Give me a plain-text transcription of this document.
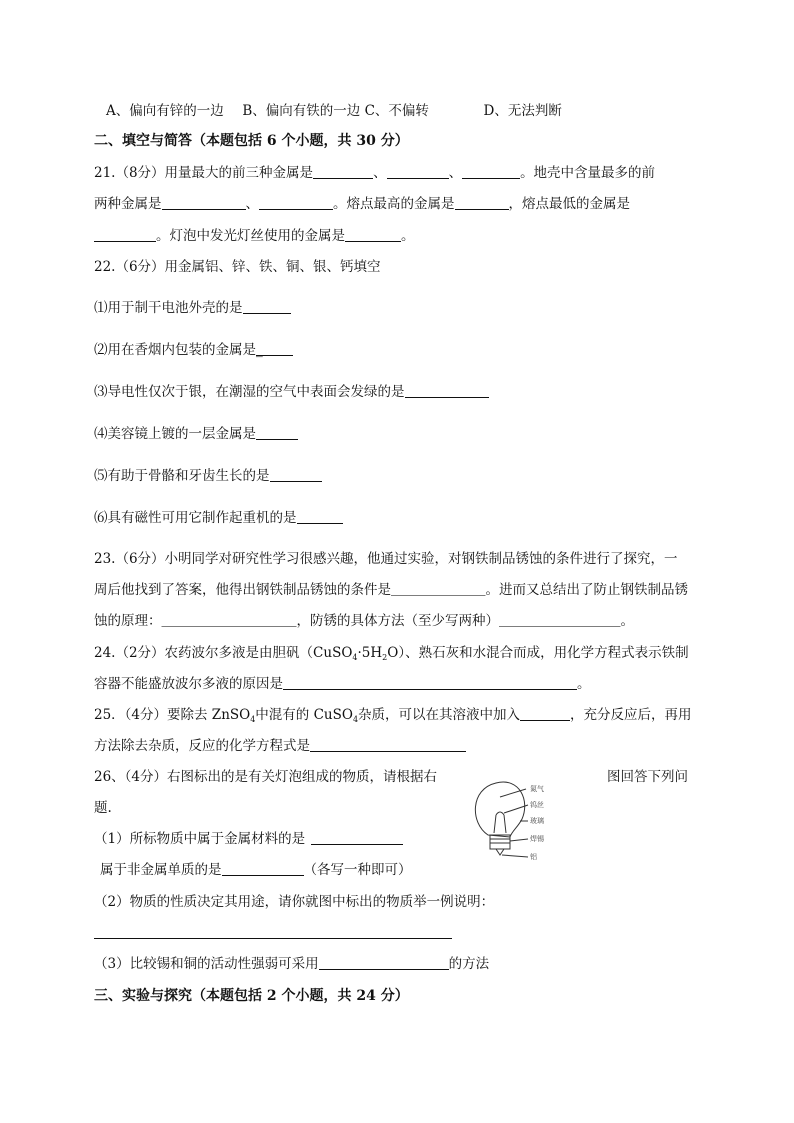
A、偏向有锌的一边 B、偏向有铁的一边 C、不偏转	D、无法判断
二、填空与简答（本题包括 6 个小题，共 30 分）
21.（8分）用量最大的前三种金属是	、	、	。地壳中含量最多的前
两种金属是	、	。熔点最高的金属是	，熔点最低的金属是
。灯泡中发光灯丝使用的金属是	。
22.（6分）用金属铝、锌、铁、铜、银、钙填空
⑴用于制干电池外壳的是
⑵用在香烟内包装的金属是_
⑶导电性仅次于银，在潮湿的空气中表面会发绿的是
⑷美容镜上镀的一层金属是
⑸有助于骨骼和牙齿生长的是
⑹具有磁性可用它制作起重机的是
23.（6分）小明同学对研究性学习很感兴趣，他通过实验，对钢铁制品锈蚀的条件进行了探究，一
周后他找到了答案，他得出钢铁制品锈蚀的条件是＿＿＿＿＿＿＿。进而又总结出了防止钢铁制品锈
蚀的原理：＿＿＿＿＿＿＿＿＿＿，防锈的具体方法（至少写两种）＿＿＿＿＿＿＿＿＿。
24.（2分）农药波尔多液是由胆矾$(CuSO_4\cdot 5H_2O)$、熟石灰和水混合而成，用化学方程式表示铁制
容器不能盛放波尔多液的原因是	。
25．（4分）要除去 ZnSO$_4$中混有的 CuSO$_4$杂质，可以在其溶液中加入	，充分反应后，再用
方法除去杂质，反应的化学方程式是
26、（4分）右图标出的是有关灯泡组成的物质，请根据右	图回答下列问
题.
氮气
钨丝
玻璃
焊锡
铝
（1）所标物质中属于金属材料的是
属于非金属单质的是	（各写一种即可）
（2）物质的性质决定其用途，请你就图中标出的物质举一例说明：
（3）比较锡和铜的活动性强弱可采用	的方法
三、实验与探究（本题包括 2 个小题，共 24 分）
